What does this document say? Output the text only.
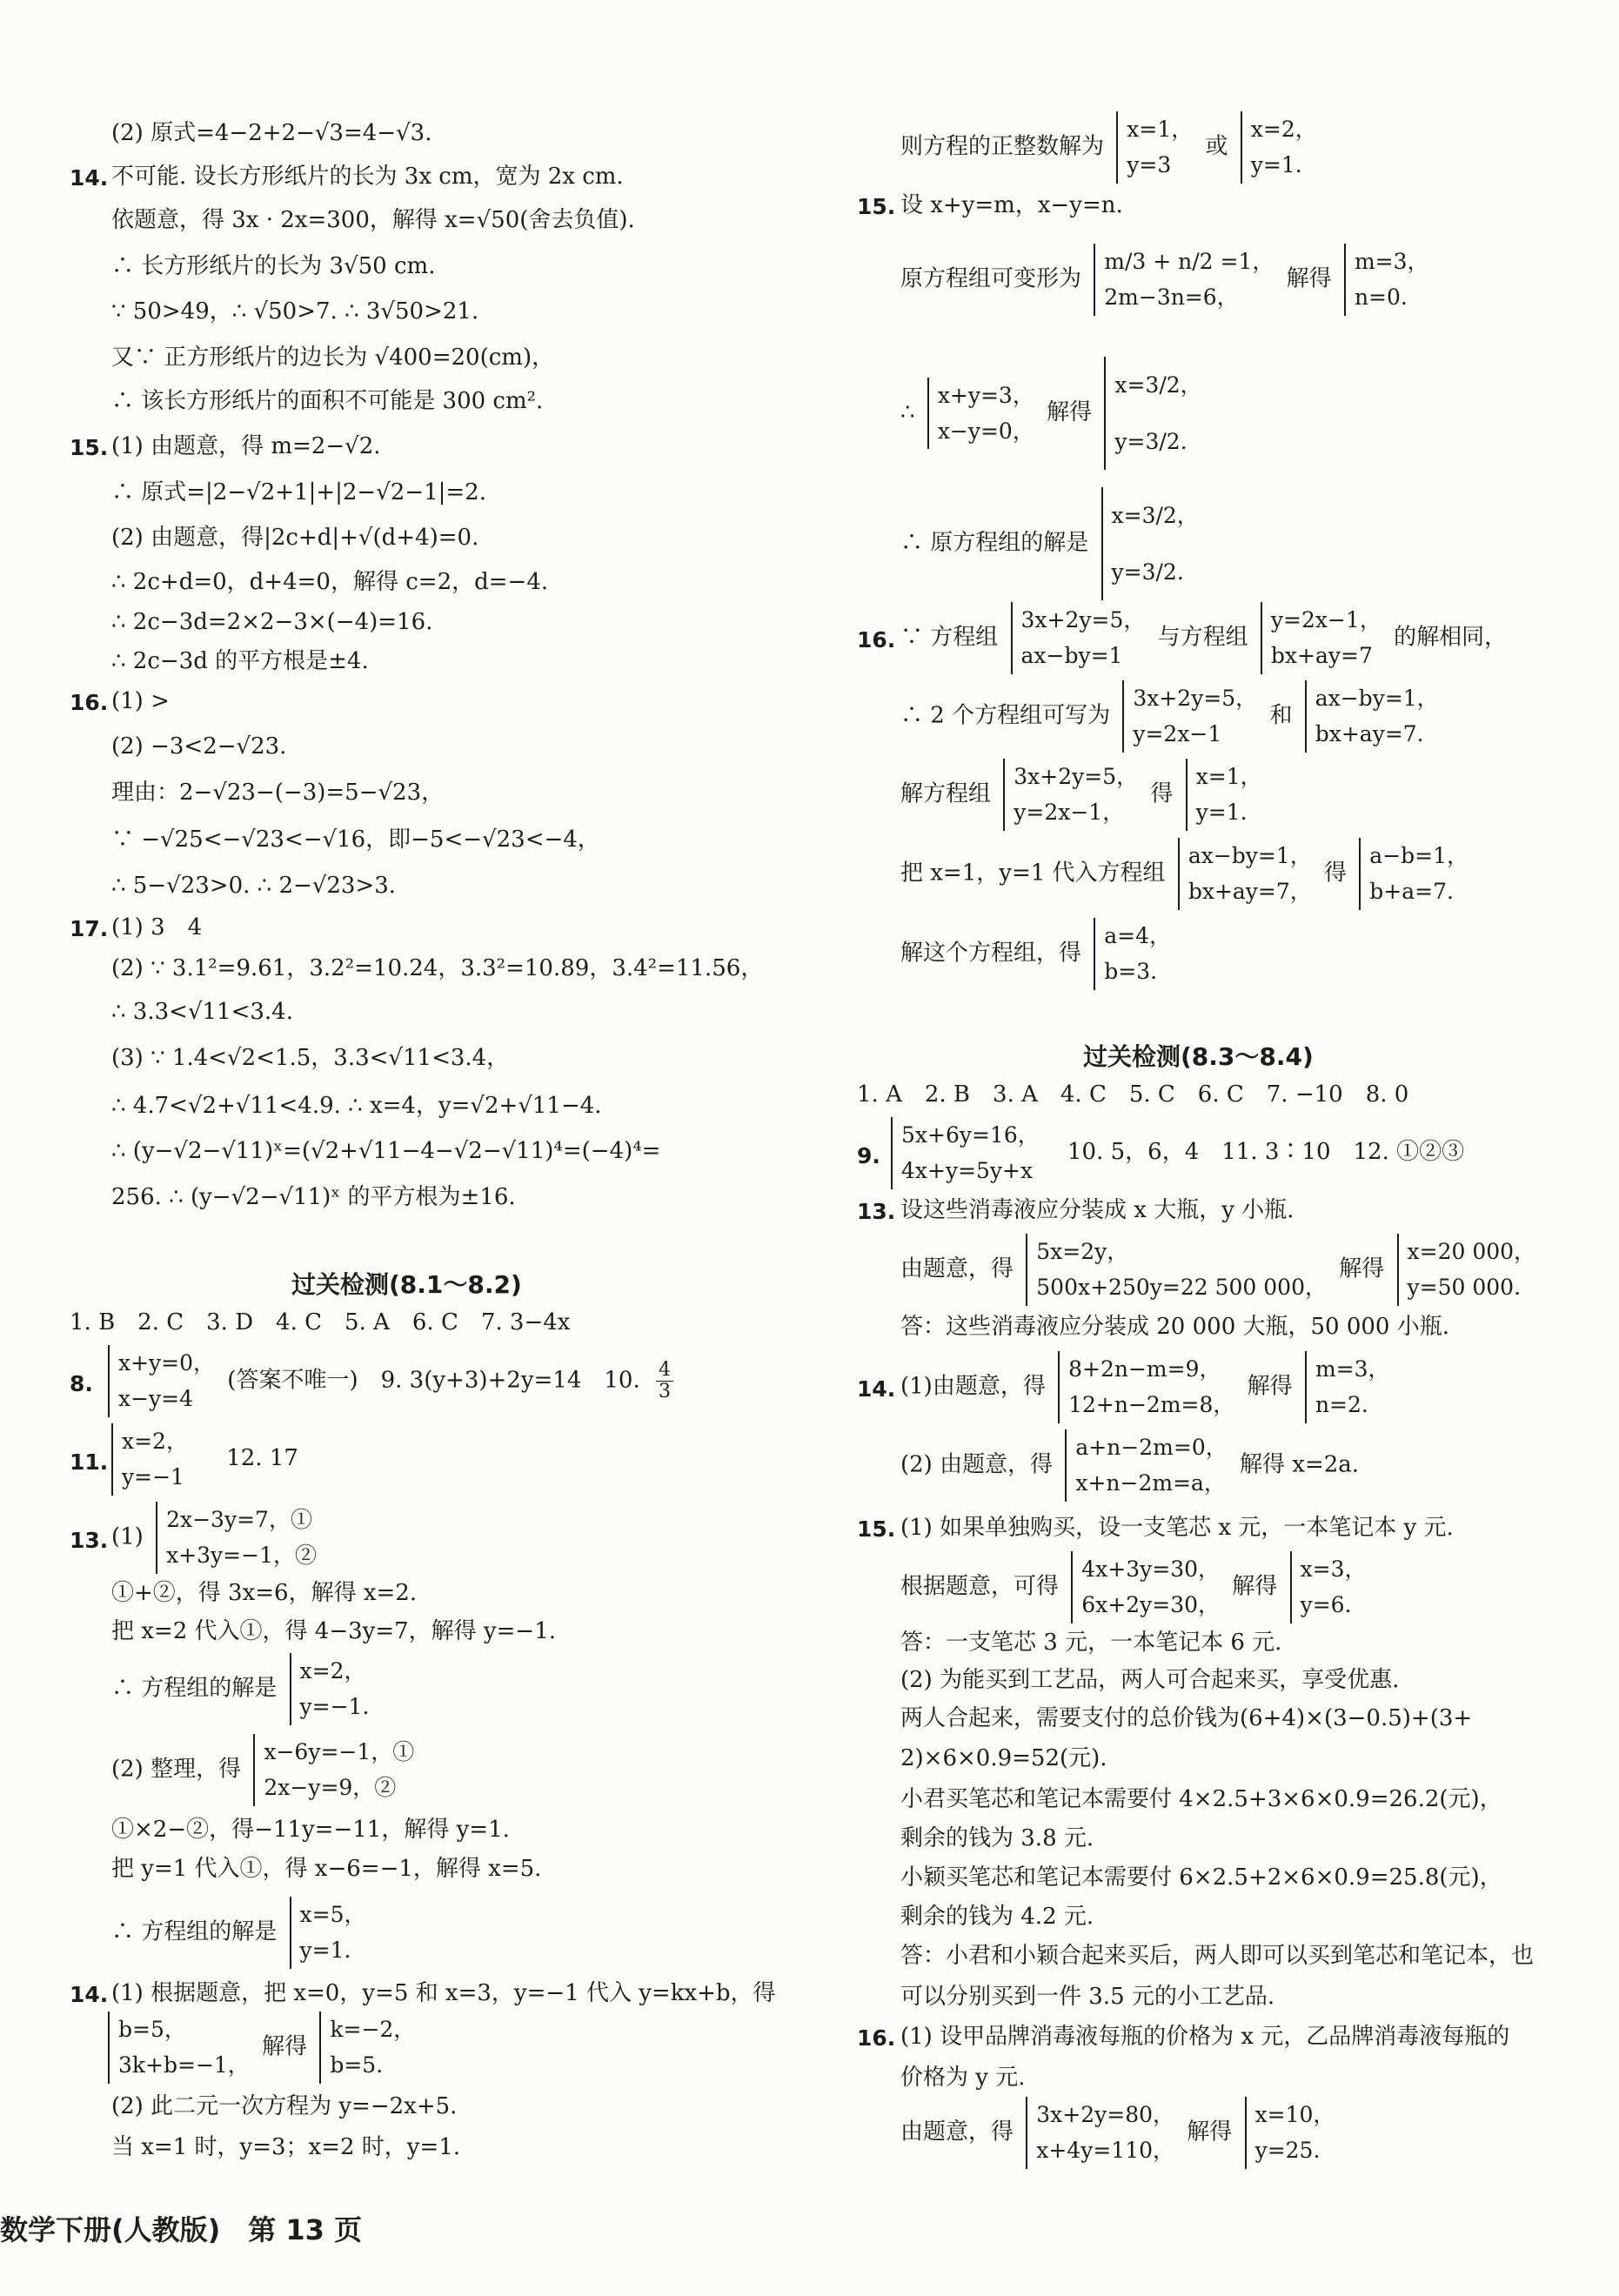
(2) 原式=4−2+2−√3=4−√3.
14. 不可能. 设长方形纸片的长为 3x cm，宽为 2x cm.
依题意，得 3x · 2x=300，解得 x=√50(舍去负值).
∴ 长方形纸片的长为 3√50 cm.
∵ 50>49，∴ √50>7. ∴ 3√50>21.
又∵ 正方形纸片的边长为 √400=20(cm)，
∴ 该长方形纸片的面积不可能是 300 cm².
15. (1) 由题意，得 m=2−√2.
∴ 原式=|2−√2+1|+|2−√2−1|=2.
(2) 由题意，得|2c+d|+√(d+4)=0.
∴ 2c+d=0，d+4=0，解得 c=2，d=−4.
∴ 2c−3d=2×2−3×(−4)=16.
∴ 2c−3d 的平方根是±4.
16. (1) >
(2) −3<2−√23.
理由：2−√23−(−3)=5−√23，
∵ −√25<−√23<−√16，即−5<−√23<−4，
∴ 5−√23>0. ∴ 2−√23>3.
17. (1) 3　4
(2) ∵ 3.1²=9.61，3.2²=10.24，3.3²=10.89，3.4²=11.56，
∴ 3.3<√11<3.4.
(3) ∵ 1.4<√2<1.5，3.3<√11<3.4，
∴ 4.7<√2+√11<4.9. ∴ x=4，y=√2+√11−4.
∴ (y−√2−√11)ˣ=(√2+√11−4−√2−√11)⁴=(−4)⁴=
256. ∴ (y−√2−√11)ˣ 的平方根为±16.
过关检测(8.1～8.2)
1. B　2. C　3. D　4. C　5. A　6. C　7. 3−4x
8.
x+y=0，
x−y=4
(答案不唯一)　9. 3(y+3)+2y=14　10. $\frac{4}{3}$
11.
x=2，
y=−1
12. 17
13. (1)
2x−3y=7，①
x+3y=−1，②
①+②，得 3x=6，解得 x=2.
把 x=2 代入①，得 4−3y=7，解得 y=−1.
∴ 方程组的解是
x=2，
y=−1.
(2) 整理，得
x−6y=−1，①
2x−y=9，②
①×2−②，得−11y=−11，解得 y=1.
把 y=1 代入①，得 x−6=−1，解得 x=5.
∴ 方程组的解是
x=5，
y=1.
14. (1) 根据题意，把 x=0，y=5 和 x=3，y=−1 代入 y=kx+b，得
b=5，
3k+b=−1，
解得
k=−2，
b=5.
(2) 此二元一次方程为 y=−2x+5.
当 x=1 时，y=3；x=2 时，y=1.
则方程的正整数解为
x=1，
y=3
或
x=2，
y=1.
15. 设 x+y=m，x−y=n.
原方程组可变形为
m/3 + n/2 =1，
2m−3n=6，
解得
m=3，
n=0.
∴
x+y=3，
x−y=0，
解得
x=3/2，
y=3/2.
∴ 原方程组的解是
x=3/2，
y=3/2.
16. ∵ 方程组
3x+2y=5，
ax−by=1
与方程组
y=2x−1，
bx+ay=7
的解相同，
∴ 2 个方程组可写为
3x+2y=5，
y=2x−1
和
ax−by=1，
bx+ay=7.
解方程组
3x+2y=5，
y=2x−1，
得
x=1，
y=1.
把 x=1，y=1 代入方程组
ax−by=1，
bx+ay=7，
得
a−b=1，
b+a=7.
解这个方程组，得
a=4，
b=3.
过关检测(8.3～8.4)
1. A　2. B　3. A　4. C　5. C　6. C　7. −10　8. 0
9.
5x+6y=16，
4x+y=5y+x
10. 5，6，4　11. 3∶10　12. ①②③
13. 设这些消毒液应分装成 x 大瓶，y 小瓶.
由题意，得
5x=2y，
500x+250y=22 500 000，
解得
x=20 000，
y=50 000.
答：这些消毒液应分装成 20 000 大瓶，50 000 小瓶.
14. (1)由题意，得
8+2n−m=9，
12+n−2m=8，
解得
m=3，
n=2.
(2) 由题意，得
a+n−2m=0，
x+n−2m=a，
解得 x=2a.
15. (1) 如果单独购买，设一支笔芯 x 元，一本笔记本 y 元.
根据题意，可得
4x+3y=30，
6x+2y=30，
解得
x=3，
y=6.
答：一支笔芯 3 元，一本笔记本 6 元.
(2) 为能买到工艺品，两人可合起来买，享受优惠.
两人合起来，需要支付的总价钱为(6+4)×(3−0.5)+(3+
2)×6×0.9=52(元).
小君买笔芯和笔记本需要付 4×2.5+3×6×0.9=26.2(元)，
剩余的钱为 3.8 元.
小颖买笔芯和笔记本需要付 6×2.5+2×6×0.9=25.8(元)，
剩余的钱为 4.2 元.
答：小君和小颖合起来买后，两人即可以买到笔芯和笔记本，也
可以分别买到一件 3.5 元的小工艺品.
16. (1) 设甲品牌消毒液每瓶的价格为 x 元，乙品牌消毒液每瓶的
价格为 y 元.
由题意，得
3x+2y=80，
x+4y=110，
解得
x=10，
y=25.
数学下册(人教版)　第 13 页
